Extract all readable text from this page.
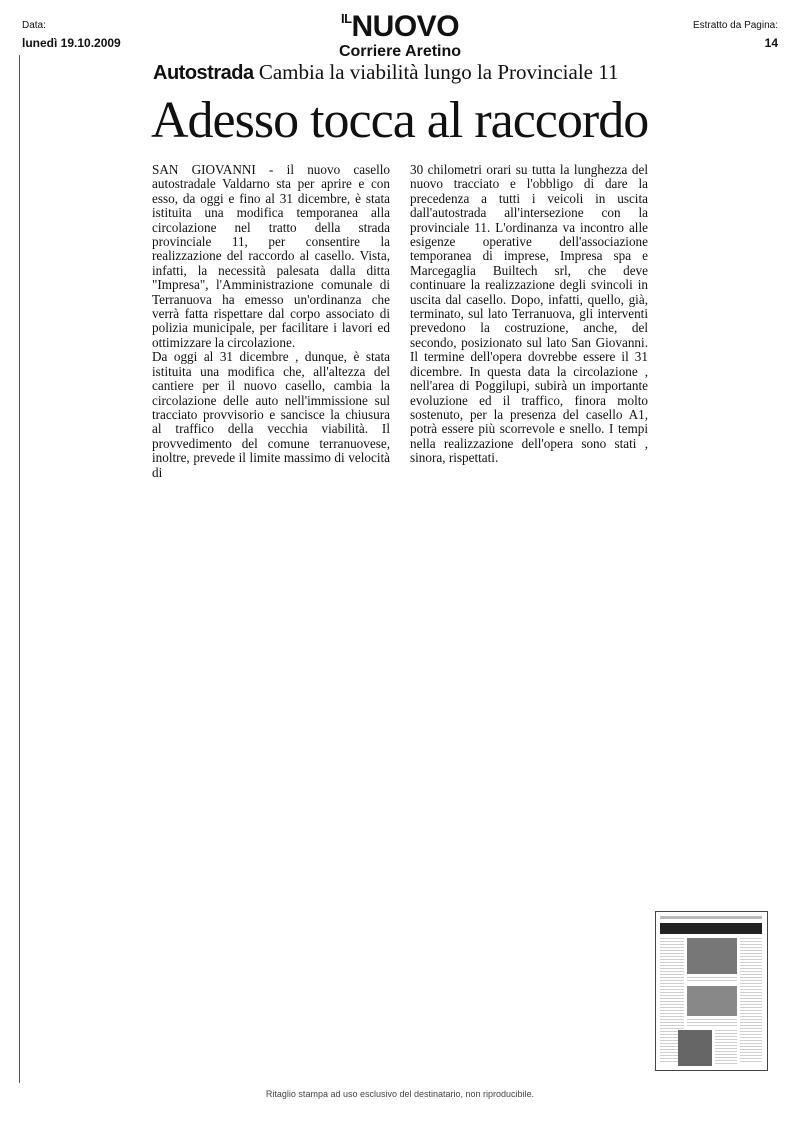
Data:
lunedì 19.10.2009
$^{IL}$NUOVO
Corriere Aretino
Estratto da Pagina:
14
Autostrada Cambia la viabilità lungo la Provinciale 11
Adesso tocca al raccordo

SAN GIOVANNI - il nuovo casello autostradale Valdarno sta per aprire e con esso, da oggi e fino al 31 dicembre, è stata istituita una modifica temporanea alla circolazione nel tratto della strada provinciale 11, per consentire la realizzazione del raccordo al casello. Vista, infatti, la necessità palesata dalla ditta "Impresa", l'Amministrazione comunale di Terranuova ha emesso un'ordinanza che verrà fatta rispettare dal corpo associato di polizia municipale, per facilitare i lavori ed ottimizzare la circolazione.

Da oggi al 31 dicembre , dunque, è stata istituita una modifica che, all'altezza del cantiere per il nuovo casello, cambia la circolazione delle auto nell'immissione sul tracciato provvisorio e sancisce la chiusura al traffico della vecchia viabilità. Il provvedimento del comune terranuovese, inoltre, prevede il limite massimo di velocità di

30 chilometri orari su tutta la lunghezza del nuovo tracciato e l'obbligo di dare la precedenza a tutti i veicoli in uscita dall'autostrada all'intersezione con la provinciale 11. L'ordinanza va incontro alle esigenze operative dell'associazione temporanea di imprese, Impresa spa e Marcegaglia Builtech srl, che deve continuare la realizzazione degli svincoli in uscita dal casello. Dopo, infatti, quello, già, terminato, sul lato Terranuova, gli interventi prevedono la costruzione, anche, del secondo, posizionato sul lato San Giovanni. Il termine dell'opera dovrebbe essere il 31 dicembre. In questa data la circolazione , nell'area di Poggilupi, subirà un importante evoluzione ed il traffico, finora molto sostenuto, per la presenza del casello A1, potrà essere più scorrevole e snello. I tempi nella realizzazione dell'opera sono stati , sinora, rispettati.

Ritaglio stampa ad uso esclusivo del destinatario, non riproducibile.
